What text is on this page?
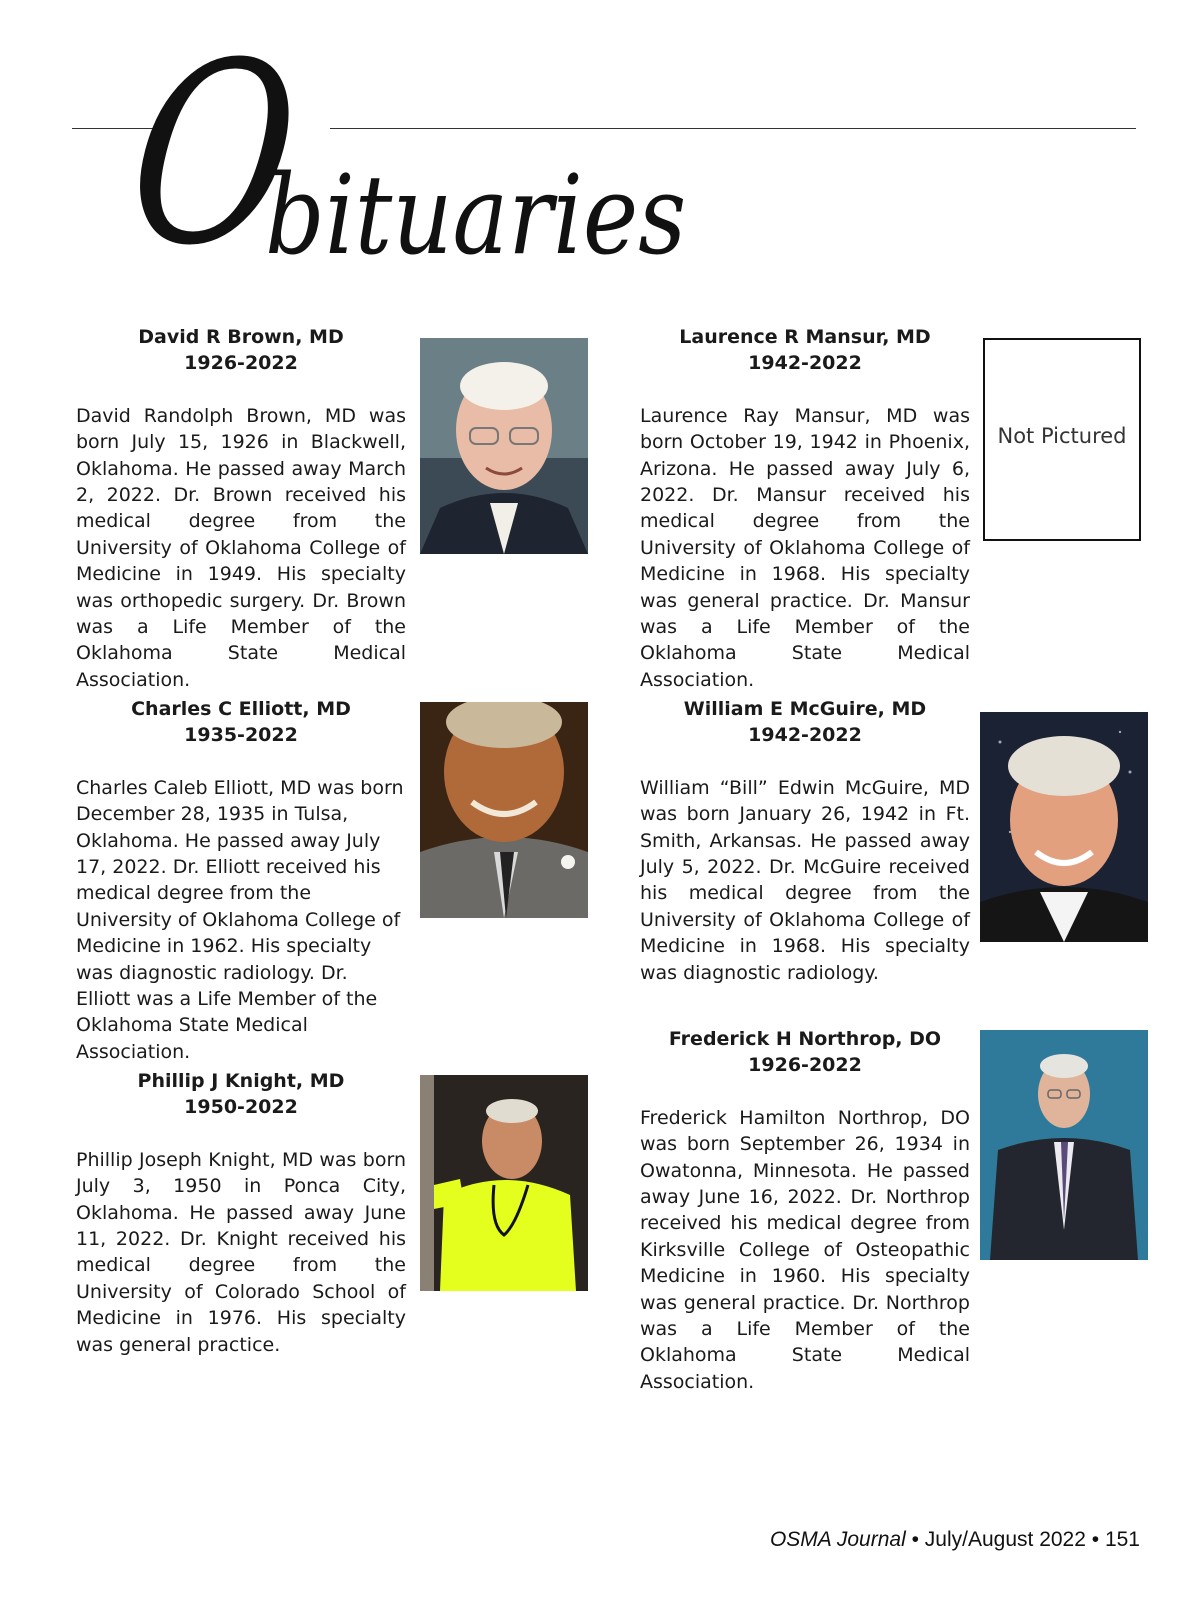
O
bituaries
David R Brown, MD
1926-2022
David Randolph Brown, MD was born July 15, 1926 in Blackwell, Oklahoma. He passed away March 2, 2022. Dr. Brown received his medical degree from the University of Oklahoma College of Medicine in 1949. His specialty was orthopedic surgery. Dr. Brown was a Life Member of the Oklahoma State Medical Association.
Charles C Elliott, MD
1935-2022
Charles Caleb Elliott, MD was born December 28, 1935 in Tulsa, Oklahoma. He passed away July 17, 2022. Dr. Elliott received his medical degree from the University of Oklahoma College of Medicine in 1962. His specialty was diagnostic radiology. Dr. Elliott was a Life Member of the Oklahoma State Medical Association.
Phillip J Knight, MD
1950-2022
Phillip Joseph Knight, MD was born July 3, 1950 in Ponca City, Oklahoma. He passed away June 11, 2022. Dr. Knight received his medical degree from the University of Colorado School of Medicine in 1976. His specialty was general practice.
Laurence R Mansur, MD
1942-2022
Laurence Ray Mansur, MD was born October 19, 1942 in Phoenix, Arizona. He passed away July 6, 2022. Dr. Mansur received his medical degree from the University of Oklahoma College of Medicine in 1968. His specialty was general practice. Dr. Mansur was a Life Member of the Oklahoma State Medical Association.
Not Pictured
William E McGuire, MD
1942-2022
William “Bill” Edwin McGuire, MD was born January 26, 1942 in Ft. Smith, Arkansas. He passed away July 5, 2022. Dr. McGuire received his medical degree from the University of Oklahoma College of Medicine in 1968. His specialty was diagnostic radiology.
Frederick H Northrop, DO
1926-2022
Frederick Hamilton Northrop, DO was born September 26, 1934 in Owatonna, Minnesota. He passed away June 16, 2022. Dr. Northrop received his medical degree from Kirksville College of Osteopathic Medicine in 1960. His specialty was general practice. Dr. Northrop was a Life Member of the Oklahoma State Medical Association.
OSMA Journal • July/August 2022 • 151
